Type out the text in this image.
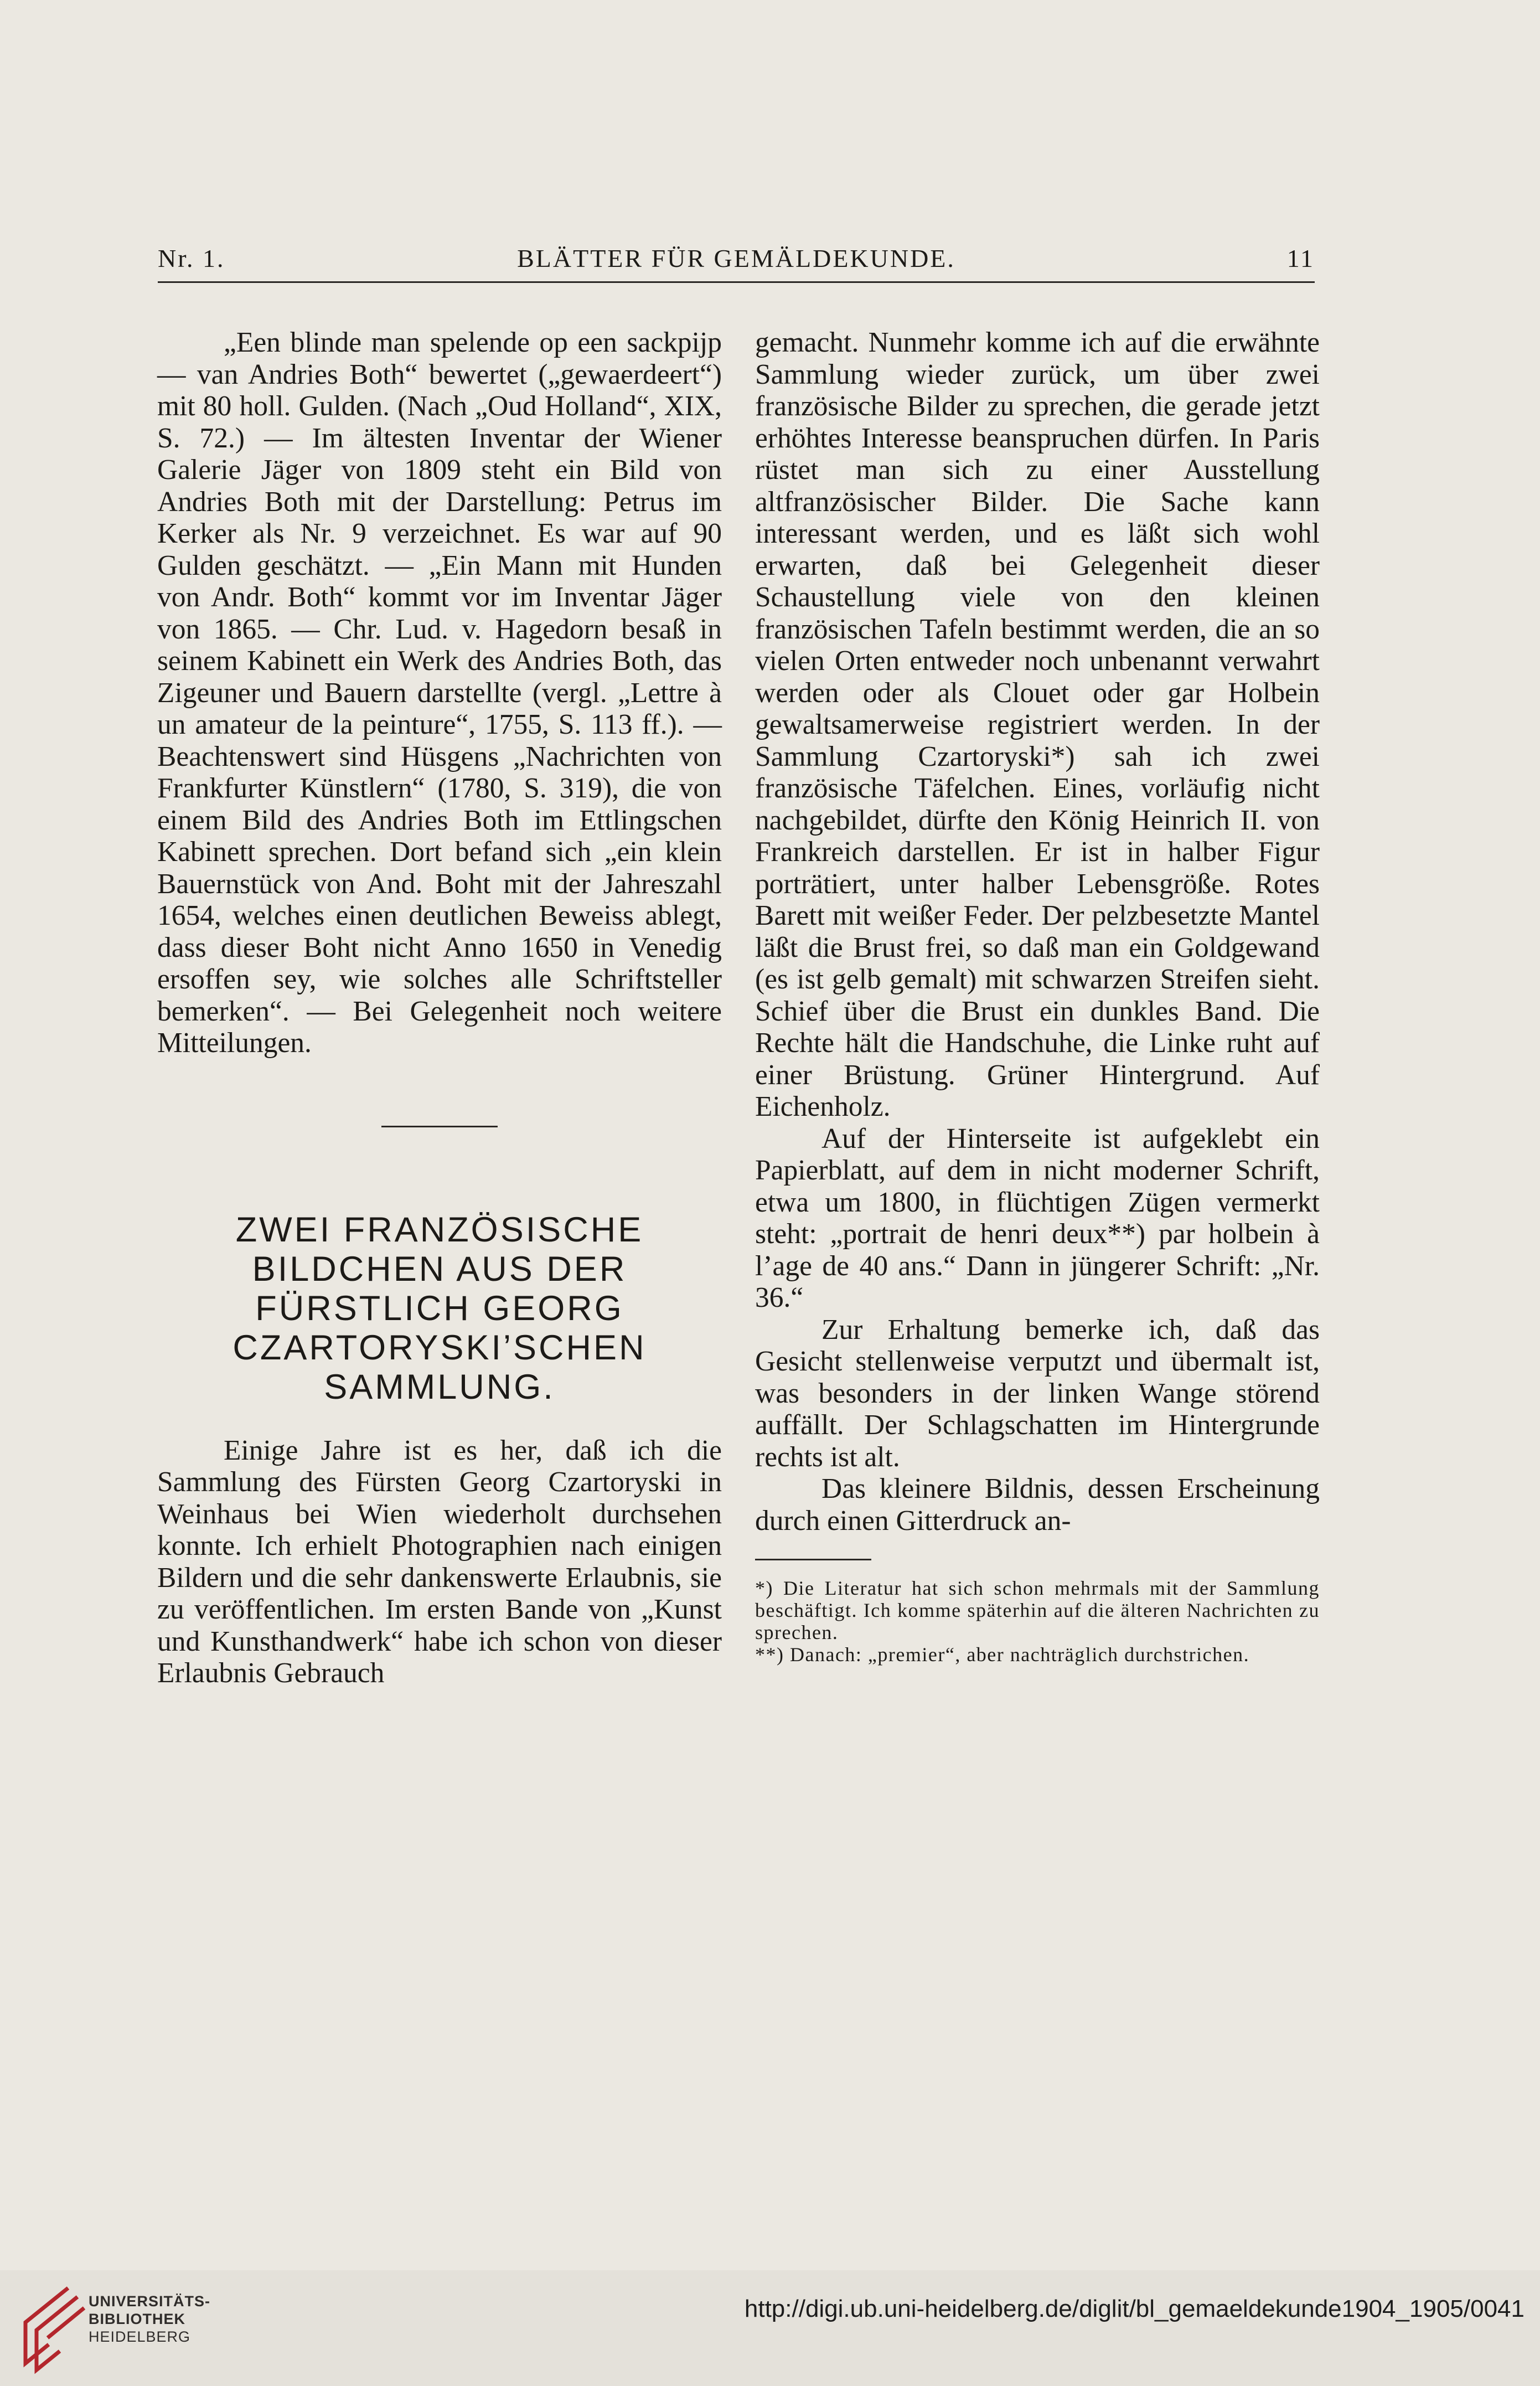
Nr. 1.	BLÄTTER FÜR GEMÄLDEKUNDE.	11

„Een blinde man spelende op een sackpijp — van Andries Both“ bewertet („gewaerdeert“) mit 80 holl. Gulden. (Nach „Oud Holland“, XIX, S. 72.) — Im ältesten Inventar der Wiener Galerie Jäger von 1809 steht ein Bild von Andries Both mit der Darstellung: Petrus im Kerker als Nr. 9 verzeichnet. Es war auf 90 Gulden geschätzt. — „Ein Mann mit Hunden von Andr. Both“ kommt vor im Inventar Jäger von 1865. — Chr. Lud. v. Hagedorn besaß in seinem Kabinett ein Werk des Andries Both, das Zigeuner und Bauern darstellte (vergl. „Lettre à un amateur de la peinture“, 1755, S. 113 ff.). — Beachtenswert sind Hüsgens „Nachrichten von Frankfurter Künstlern“ (1780, S. 319), die von einem Bild des Andries Both im Ettlingschen Kabinett sprechen. Dort befand sich „ein klein Bauernstück von And. Boht mit der Jahreszahl 1654, welches einen deutlichen Beweiss ablegt, dass dieser Boht nicht Anno 1650 in Venedig ersoffen sey, wie solches alle Schriftsteller bemerken“. — Bei Gelegenheit noch weitere Mitteilungen.

ZWEI FRANZÖSISCHE BILDCHEN AUS DER FÜRSTLICH GEORG CZARTORYSKI’SCHEN SAMMLUNG.

Einige Jahre ist es her, daß ich die Sammlung des Fürsten Georg Czartoryski in Weinhaus bei Wien wiederholt durchsehen konnte. Ich erhielt Photographien nach einigen Bildern und die sehr dankenswerte Erlaubnis, sie zu veröffentlichen. Im ersten Bande von „Kunst und Kunsthandwerk“ habe ich schon von dieser Erlaubnis Gebrauch

gemacht. Nunmehr komme ich auf die erwähnte Sammlung wieder zurück, um über zwei französische Bilder zu sprechen, die gerade jetzt erhöhtes Interesse beanspruchen dürfen. In Paris rüstet man sich zu einer Ausstellung altfranzösischer Bilder. Die Sache kann interessant werden, und es läßt sich wohl erwarten, daß bei Gelegenheit dieser Schaustellung viele von den kleinen französischen Tafeln bestimmt werden, die an so vielen Orten entweder noch unbenannt verwahrt werden oder als Clouet oder gar Holbein gewaltsamerweise registriert werden. In der Sammlung Czartoryski*) sah ich zwei französische Täfelchen. Eines, vorläufig nicht nachgebildet, dürfte den König Heinrich II. von Frankreich darstellen. Er ist in halber Figur porträtiert, unter halber Lebensgröße. Rotes Barett mit weißer Feder. Der pelzbesetzte Mantel läßt die Brust frei, so daß man ein Goldgewand (es ist gelb gemalt) mit schwarzen Streifen sieht. Schief über die Brust ein dunkles Band. Die Rechte hält die Handschuhe, die Linke ruht auf einer Brüstung. Grüner Hintergrund. Auf Eichenholz.

Auf der Hinterseite ist aufgeklebt ein Papierblatt, auf dem in nicht moderner Schrift, etwa um 1800, in flüchtigen Zügen vermerkt steht: „portrait de henri deux**) par holbein à l’age de 40 ans.“ Dann in jüngerer Schrift: „Nr. 36.“

Zur Erhaltung bemerke ich, daß das Gesicht stellenweise verputzt und übermalt ist, was besonders in der linken Wange störend auffällt. Der Schlagschatten im Hintergrunde rechts ist alt.

Das kleinere Bildnis, dessen Erscheinung durch einen Gitterdruck an-

*) Die Literatur hat sich schon mehrmals mit der Sammlung beschäftigt. Ich komme späterhin auf die älteren Nachrichten zu sprechen.

**) Danach: „premier“, aber nachträglich durchstrichen.

UNIVERSITÄTS-
BIBLIOTHEK
HEIDELBERG
http://digi.ub.uni-heidelberg.de/diglit/bl_gemaeldekunde1904_1905/0041
